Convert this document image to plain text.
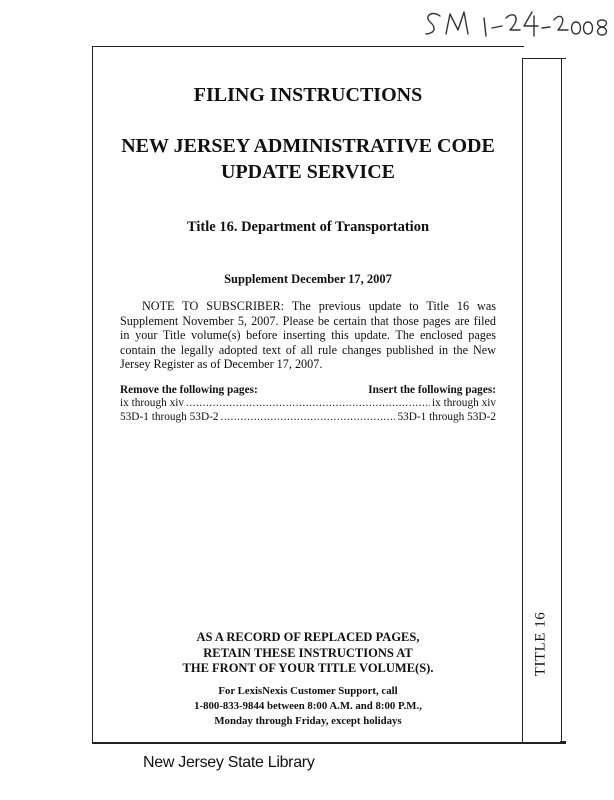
TITLE 16
FILING INSTRUCTIONS
NEW JERSEY ADMINISTRATIVE CODE
UPDATE SERVICE
Title 16. Department of Transportation
Supplement December 17, 2007

NOTE TO SUBSCRIBER: The previous update to Title 16 was Supplement November 5, 2007. Please be certain that those pages are filed in your Title volume(s) before inserting this update. The enclosed pages contain the legally adopted text of all rule changes published in the New Jersey Register as of December 17, 2007.

Remove the following pages:	Insert the following pages:
ix through xiv .....	ix through xiv
53D-1 through 53D-2 .....	53D-1 through 53D-2
AS A RECORD OF REPLACED PAGES,
RETAIN THESE INSTRUCTIONS AT
THE FRONT OF YOUR TITLE VOLUME(S).
For LexisNexis Customer Support, call
1-800-833-9844 between 8:00 A.M. and 8:00 P.M.,
Monday through Friday, except holidays
New Jersey State Library
